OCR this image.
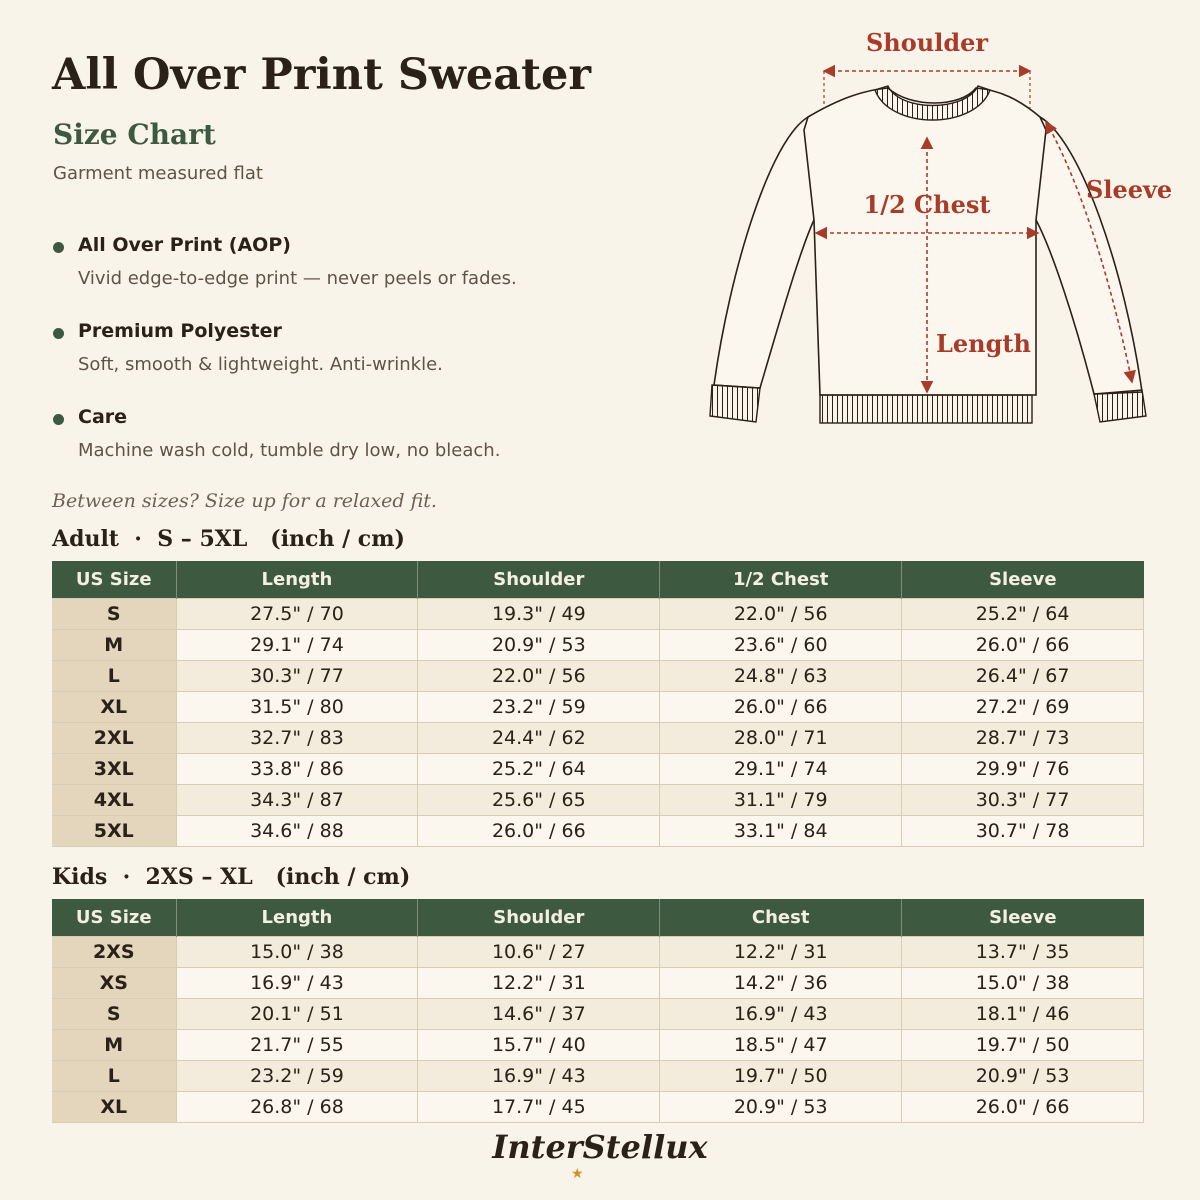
All Over Print Sweater
Size Chart
Garment measured flat
All Over Print (AOP)
Vivid edge-to-edge print — never peels or fades.
Premium Polyester
Soft, smooth & lightweight. Anti-wrinkle.
Care
Machine wash cold, tumble dry low, no bleach.
Shoulder
1/2 Chest
Sleeve
Length
Between sizes? Size up for a relaxed fit.
Adult  ·  S – 5XL   (inch / cm)
US Size	Length	Shoulder	1/2 Chest	Sleeve
S	27.5" / 70	19.3" / 49	22.0" / 56	25.2" / 64
M	29.1" / 74	20.9" / 53	23.6" / 60	26.0" / 66
L	30.3" / 77	22.0" / 56	24.8" / 63	26.4" / 67
XL	31.5" / 80	23.2" / 59	26.0" / 66	27.2" / 69
2XL	32.7" / 83	24.4" / 62	28.0" / 71	28.7" / 73
3XL	33.8" / 86	25.2" / 64	29.1" / 74	29.9" / 76
4XL	34.3" / 87	25.6" / 65	31.1" / 79	30.3" / 77
5XL	34.6" / 88	26.0" / 66	33.1" / 84	30.7" / 78
Kids  ·  2XS – XL   (inch / cm)
US Size	Length	Shoulder	Chest	Sleeve
2XS	15.0" / 38	10.6" / 27	12.2" / 31	13.7" / 35
XS	16.9" / 43	12.2" / 31	14.2" / 36	15.0" / 38
S	20.1" / 51	14.6" / 37	16.9" / 43	18.1" / 46
M	21.7" / 55	15.7" / 40	18.5" / 47	19.7" / 50
L	23.2" / 59	16.9" / 43	19.7" / 50	20.9" / 53
XL	26.8" / 68	17.7" / 45	20.9" / 53	26.0" / 66
InterStellux
★
